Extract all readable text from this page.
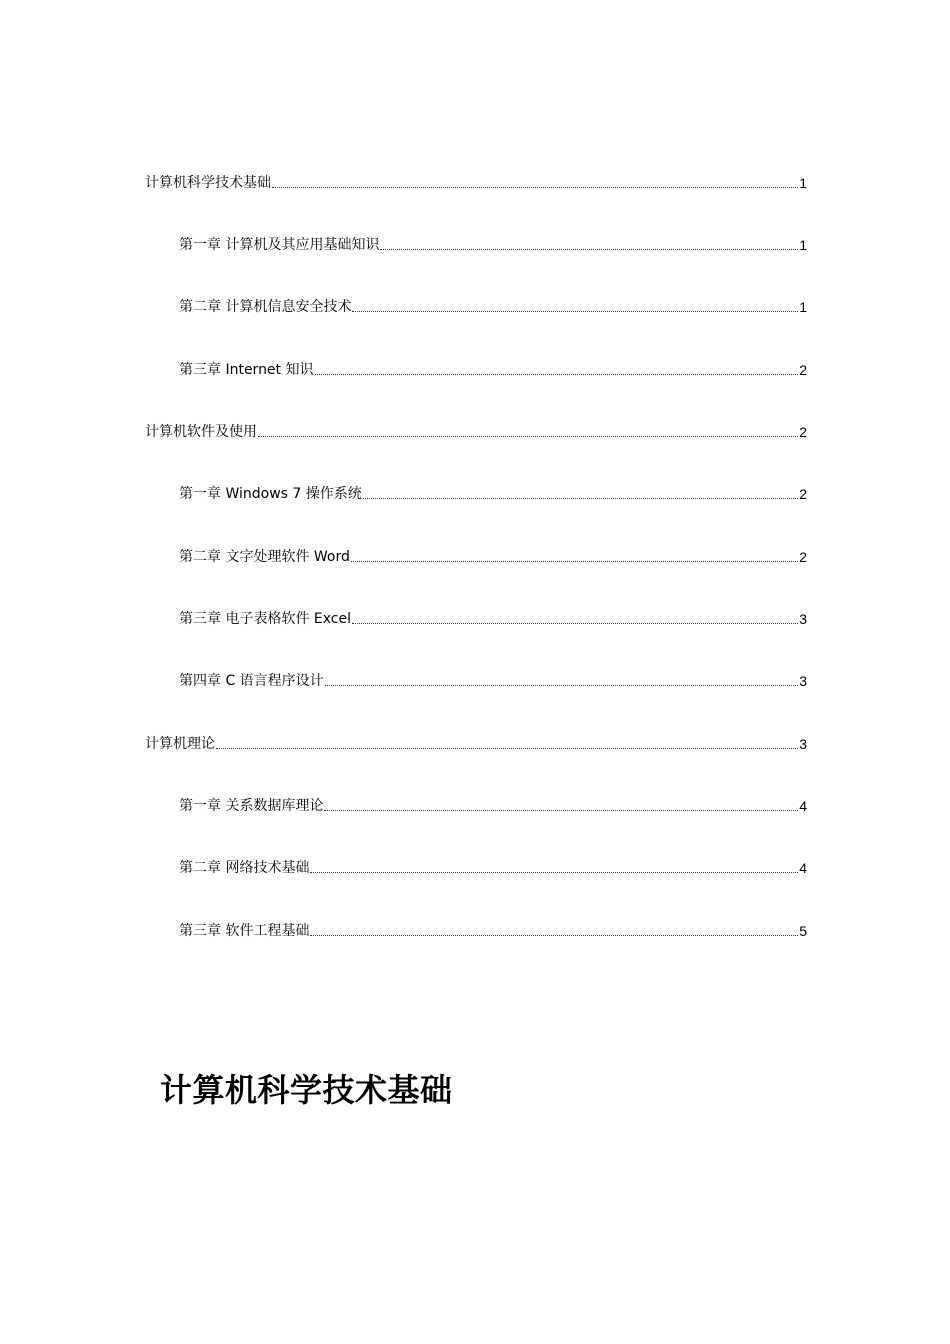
计算机科学技术基础	1
第一章 计算机及其应用基础知识	1
第二章 计算机信息安全技术	1
第三章 Internet 知识	2
计算机软件及使用	2
第一章 Windows 7 操作系统	2
第二章 文字处理软件 Word	2
第三章 电子表格软件 Excel	3
第四章 C 语言程序设计	3
计算机理论	3
第一章 关系数据库理论	4
第二章 网络技术基础	4
第三章 软件工程基础	5
计算机科学技术基础
